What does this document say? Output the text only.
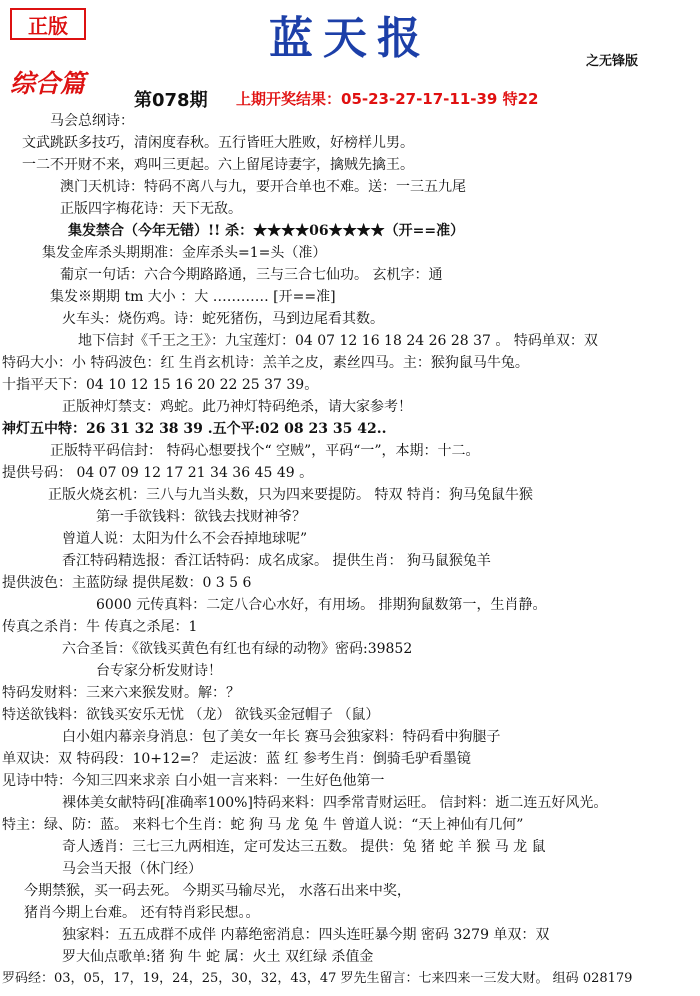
正版	蓝天报	之无锋版
综合篇
第078期 上期开奖结果：05-23-27-17-11-39 特22
马会总纲诗：
文武跳跃多技巧，清闲度春秋。五行皆旺大胜败，好榜样儿男。
一二不开财不来，鸡叫三更起。六上留尾诗妻字，擒贼先擒王。
澳门天机诗：特码不离八与九，要开合单也不难。送：一三五九尾
正版四字梅花诗：天下无敌。
集发禁合（今年无错）!! 杀：★★★★06★★★★（开==准）
集发金库杀头期期准：金库杀头=1=头（准）
葡京一句话：六合今期路路通，三与三合七仙功。 玄机字：通
集发※期期 tm 大小 ：大 ………… [开==准]
火车头：烧伤鸡。诗：蛇死猪伤，马到边尾看其数。
地下信封《千王之王》：九宝莲灯：04 07 12 16 18 24 26 28 37 。 特码单双：双
特码大小：小 特码波色：红 生肖玄机诗：羔羊之皮，素丝四马。主：猴狗鼠马牛兔。
十指平天下：04 10 12 15 16 20 22 25 37 39。
正版神灯禁支：鸡蛇。此乃神灯特码绝杀，请大家参考！
神灯五中特：26 31 32 38 39 .五个平:02 08 23 35 42..
正版特平码信封： 特码心想要找个“ 空贼”，平码“一”，本期：十二。
提供号码： 04 07 09 12 17 21 34 36 45 49 。
正版火烧玄机：三八与九当头数，只为四来要提防。 特双 特肖：狗马兔鼠牛猴
第一手欲钱料：欲钱去找财神爷？
曾道人说：太阳为什么不会吞掉地球呢”
香江特码精选报：香江话特码：成名成家。 提供生肖： 狗马鼠猴兔羊
提供波色：主蓝防绿 提供尾数：0 3 5 6
6000 元传真料：二定八合心水好，有用场。 排期狗鼠数第一，生肖静。
传真之杀肖：牛 传真之杀尾：1
六合圣旨：《欲钱买黄色有红也有绿的动物》密码:39852
台专家分析发财诗！
特码发财料：三来六来猴发财。解：？
特送欲钱料：欲钱买安乐无忧 （龙） 欲钱买金冠帽子 （鼠）
白小姐内幕亲身消息：包了美女一年长 赛马会独家料：特码看中狗腿子
单双诀：双 特码段：10+12=？ 走运波：蓝 红 参考生肖：倒骑毛驴看墨镜
见诗中特：今知三四来求亲 白小姐一言来料：一生好色他第一
裸体美女献特码[准确率100%]特码来料：四季常青财运旺。 信封料：逝二连五好风光。
特主：绿、防：蓝。 来料七个生肖：蛇 狗 马 龙 兔 牛 曾道人说：“天上神仙有几何”
奇人透肖：三七三九两相连，定可发达三五数。 提供：兔 猪 蛇 羊 猴 马 龙 鼠
马会当天报（休门经）
今期禁猴，买一码去死。 今期买马输尽光， 水落石出来中奖，
猪肖今期上台难。 还有特肖彩民想。。
独家料：五五成群不成伴 内幕绝密消息：四头连旺暴今期 密码 3279 单双：双
罗大仙点歌单:猪 狗 牛 蛇 属：火土 双红绿 杀值金
罗码经：03，05，17，19，24，25，30，32，43，47 罗先生留言：七来四来一三发大财。 组码 028179
